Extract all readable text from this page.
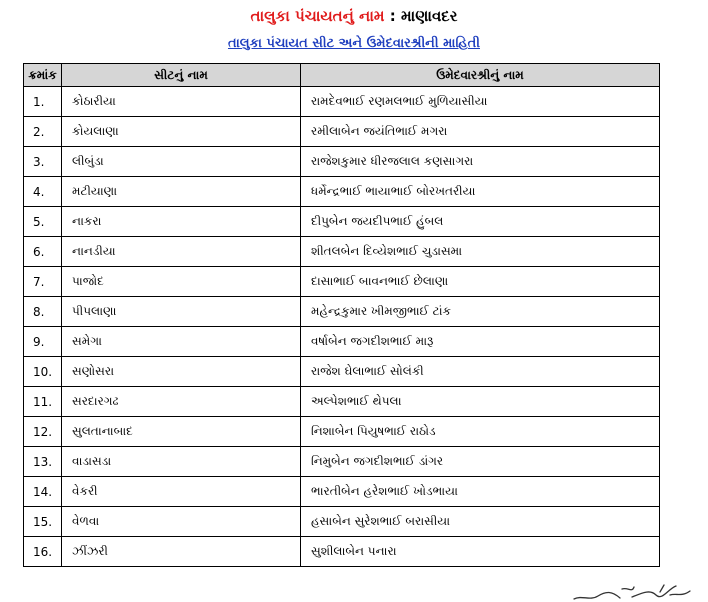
તાલુકા પંચાયતનું નામ : માણાવદર
તાલુકા પંચાયત સીટ અને ઉમેદવારશ્રીની માહિતી
ક્રમાંક	સીટનું નામ	ઉમેદવારશ્રીનું નામ
1.	કોઠારીયા	રામદેવભાઈ રણમલભાઈ મુળિયાસીયા
2.	કોયલાણા	રમીલાબેન જયંતિભાઈ મગરા
3.	લીબુંડા	રાજેશકુમાર ધીરજલાલ કણસાગરા
4.	મટીયાણા	ધર્મેન્દ્રભાઈ ભાયાભાઈ બોરખતરીયા
5.	નાકરા	દીપુબેન જયદીપભાઈ હુંબલ
6.	નાનડીયા	શીતલબેન દિવ્યેશભાઈ ચુડાસમા
7.	પાજોદ	દાસાભાઈ બાવનભાઈ છેલાણા
8.	પીપલાણા	મહેન્દ્રકુમાર ખીમજીભાઈ ટાંક
9.	સમેગા	વર્ષાબેન જગદીશભાઈ મારૂ
10.	સણોસરા	રાજેશ ઘેલાભાઈ સોલંકી
11.	સરદારગઢ	અલ્પેશભાઈ થેપલા
12.	સુલતાનાબાદ	નિશાબેન પિયુષભાઈ રાઠોડ
13.	વાડાસડા	નિમુબેન જગદીશભાઈ ડાંગર
14.	વેકરી	ભારતીબેન હરેશભાઈ ખોડભાયા
15.	વેળવા	હસાબેન સુરેશભાઈ બરાસીયા
16.	ઝીંઝરી	સુશીલાબેન પનારા
